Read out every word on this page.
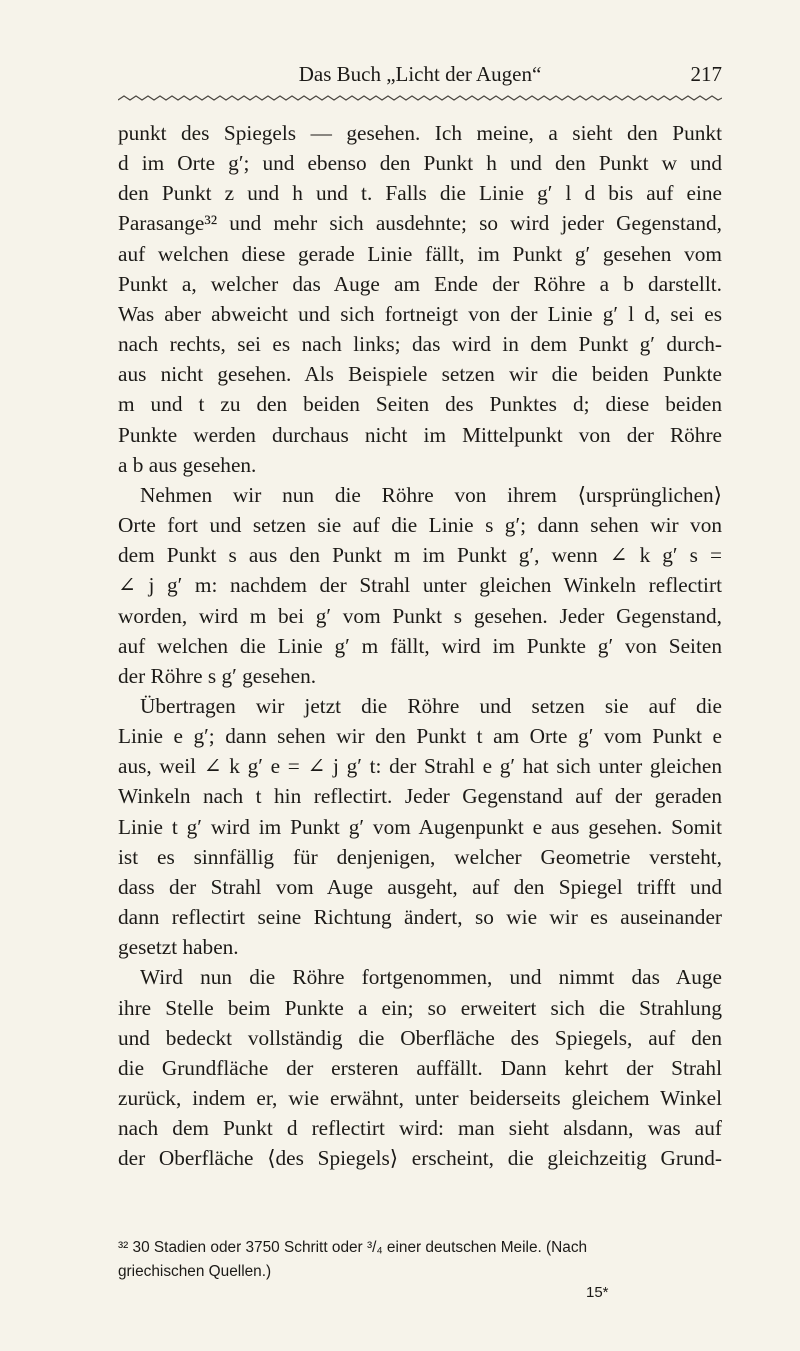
Das Buch „Licht der Augen“	217

punkt des Spiegels — gesehen. Ich meine, a sieht den Punkt

d im Orte g′; und ebenso den Punkt h und den Punkt w und

den Punkt z und h und t. Falls die Linie g′ l d bis auf eine

Parasange³² und mehr sich ausdehnte; so wird jeder Gegenstand,

auf welchen diese gerade Linie fällt, im Punkt g′ gesehen vom

Punkt a, welcher das Auge am Ende der Röhre a b darstellt.

Was aber abweicht und sich fortneigt von der Linie g′ l d, sei es

nach rechts, sei es nach links; das wird in dem Punkt g′ durch-

aus nicht gesehen. Als Beispiele setzen wir die beiden Punkte

m und t zu den beiden Seiten des Punktes d; diese beiden

Punkte werden durchaus nicht im Mittelpunkt von der Röhre

a b aus gesehen.

Nehmen wir nun die Röhre von ihrem ⟨ursprünglichen⟩

Orte fort und setzen sie auf die Linie s g′; dann sehen wir von

dem Punkt s aus den Punkt m im Punkt g′, wenn ∠ k g′ s =

∠ j g′ m: nachdem der Strahl unter gleichen Winkeln reflectirt

worden, wird m bei g′ vom Punkt s gesehen. Jeder Gegenstand,

auf welchen die Linie g′ m fällt, wird im Punkte g′ von Seiten

der Röhre s g′ gesehen.

Übertragen wir jetzt die Röhre und setzen sie auf die

Linie e g′; dann sehen wir den Punkt t am Orte g′ vom Punkt e

aus, weil ∠ k g′ e = ∠ j g′ t: der Strahl e g′ hat sich unter gleichen

Winkeln nach t hin reflectirt. Jeder Gegenstand auf der geraden

Linie t g′ wird im Punkt g′ vom Augenpunkt e aus gesehen. Somit

ist es sinnfällig für denjenigen, welcher Geometrie versteht,

dass der Strahl vom Auge ausgeht, auf den Spiegel trifft und

dann reflectirt seine Richtung ändert, so wie wir es auseinander

gesetzt haben.

Wird nun die Röhre fortgenommen, und nimmt das Auge

ihre Stelle beim Punkte a ein; so erweitert sich die Strahlung

und bedeckt vollständig die Oberfläche des Spiegels, auf den

die Grundfläche der ersteren auffällt. Dann kehrt der Strahl

zurück, indem er, wie erwähnt, unter beiderseits gleichem Winkel

nach dem Punkt d reflectirt wird: man sieht alsdann, was auf

der Oberfläche ⟨des Spiegels⟩ erscheint, die gleichzeitig Grund-

³² 30 Stadien oder 3750 Schritt oder ³/₄ einer deutschen Meile. (Nach

griechischen Quellen.)

15*
